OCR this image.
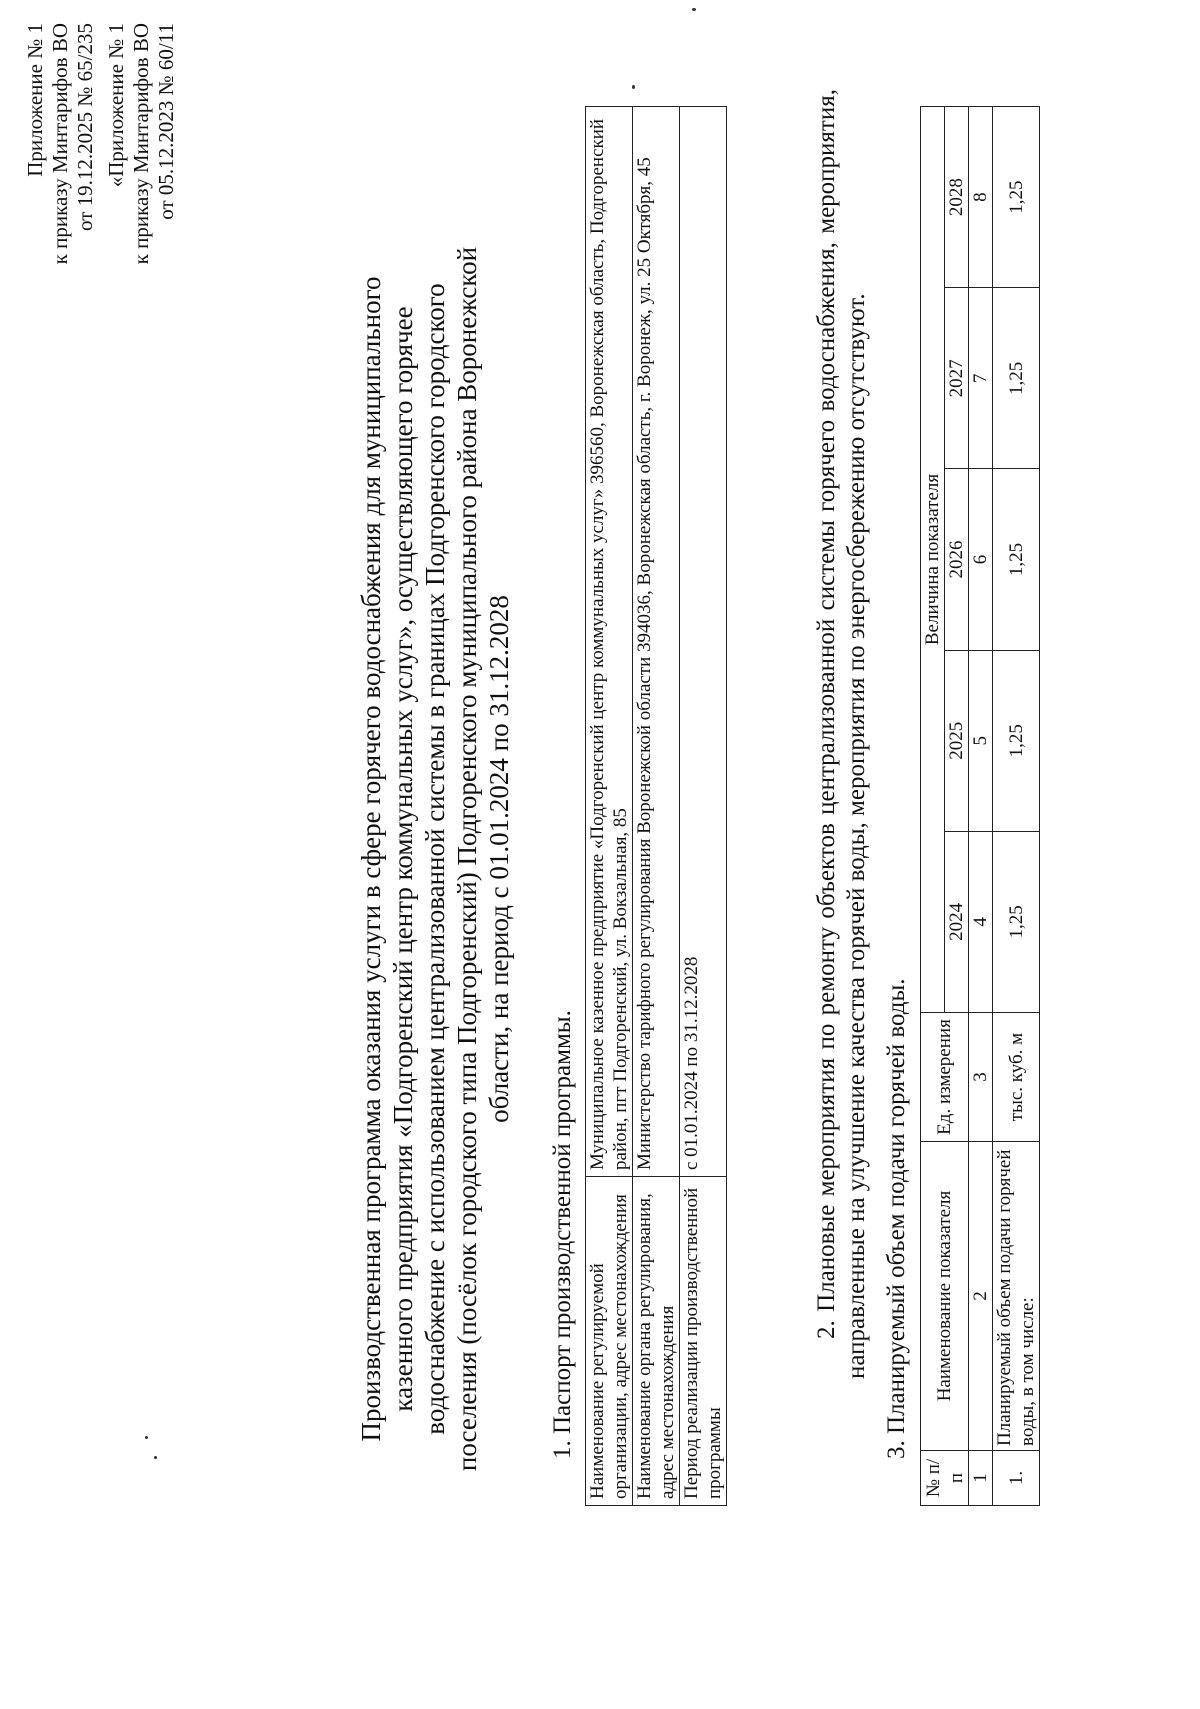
Приложение № 1 к приказу Минтарифов ВО от 19.12.2025 № 65/235 «Приложение № 1 к приказу Минтарифов ВО от 05.12.2023 № 60/11
Производственная программа оказания услуги в сфере горячего водоснабжения для муниципального казенного предприятия «Подгоренский центр коммунальных услуг», осуществляющего горячее водоснабжение с использованием централизованной системы в границах Подгоренского городского поселения (посёлок городского типа Подгоренский) Подгоренского муниципального района Воронежской области, на период с 01.01.2024 по 31.12.2028
1. Паспорт производственной программы. Наименование регулируемой организации, адрес местонахождения	Муниципальное казенное предприятие «Подгоренский центр коммунальных услуг» 396560, Воронежская область, Подгоренский район, пгт Подгоренский, ул. Вокзальная, 85
Наименование органа регулирования, адрес местонахождения	Министерство тарифного регулирования Воронежской области 394036, Воронежская область, г. Воронеж, ул. 25 Октября, 45
Период реализации производственной программы	с 01.01.2024 по 31.12.2028	2. Плановые мероприятия по ремонту объектов централизованной системы горячего водоснабжения, мероприятия, направленные на улучшение качества горячей воды, мероприятия по энергосбережению отсутствуют. 3. Планируемый объем подачи горячей воды.
№ п/п	Наименование показателя	Ед. измерения	Величина показателя				
			2024	2025	2026	2027	2028
1	2	3	4	5	6	7	8
1.	Планируемый объем подачи горячей воды, в том числе:	тыс. куб. м	1,25	1,25	1,25	1,25	1,25
